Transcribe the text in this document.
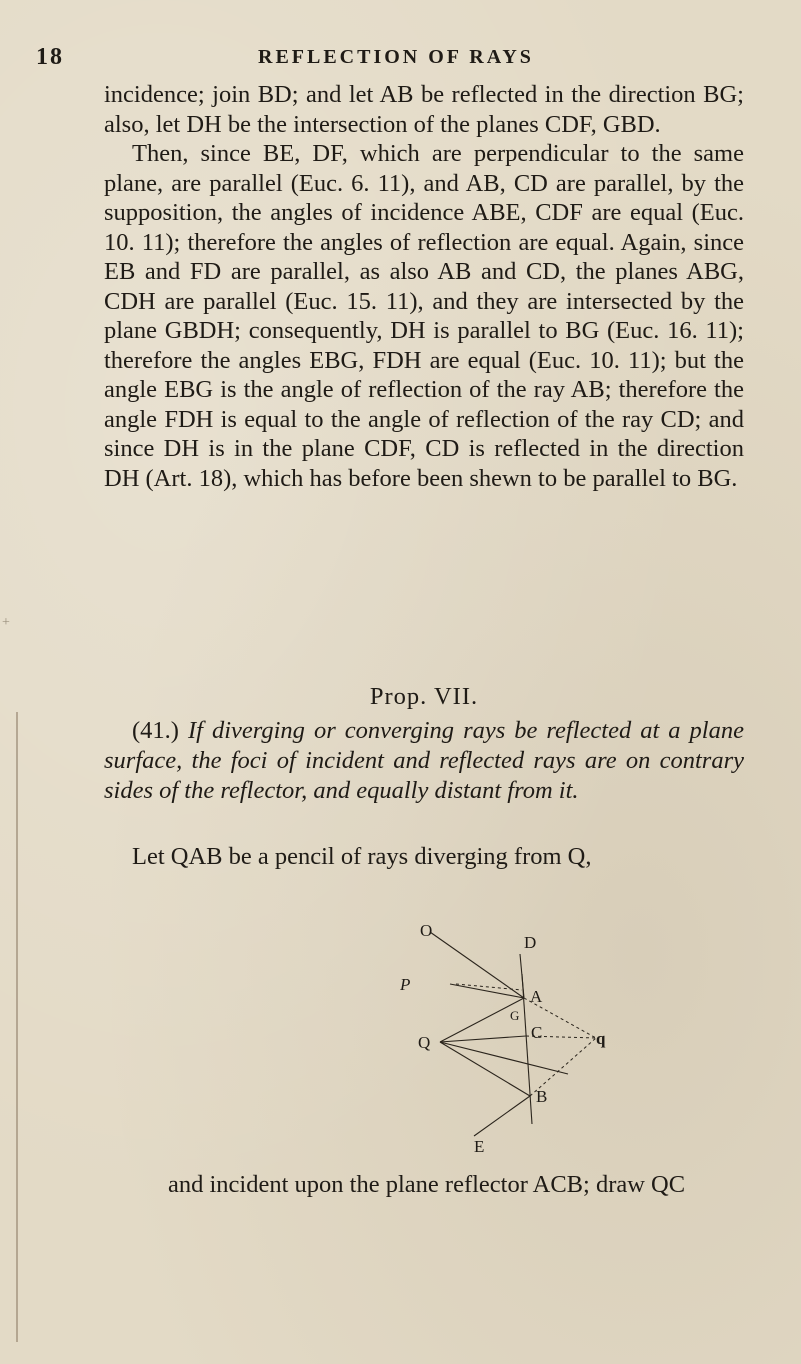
18	REFLECTION OF RAYS

incidence; join BD; and let AB be reflected in the direction BG; also, let DH be the intersection of the planes CDF, GBD.

Then, since BE, DF, which are perpendicular to the same plane, are parallel (Euc. 6. 11), and AB, CD are parallel, by the supposition, the angles of incidence ABE, CDF are equal (Euc. 10. 11); therefore the angles of reflection are equal. Again, since EB and FD are parallel, as also AB and CD, the planes ABG, CDH are parallel (Euc. 15. 11), and they are intersected by the plane GBDH; consequently, DH is parallel to BG (Euc. 16. 11); therefore the angles EBG, FDH are equal (Euc. 10. 11); but the angle EBG is the angle of reflection of the ray AB; therefore the angle FDH is equal to the angle of reflection of the ray CD; and since DH is in the plane CDF, CD is reflected in the direction DH (Art. 18), which has before been shewn to be parallel to BG.

Prop. VII.
(41.) If diverging or converging rays be reflected at a plane surface, the foci of incident and reflected rays are on contrary sides of the reflector, and equally distant from it.
Let QAB be a pencil of rays diverging from Q,
O
D
P
A
G
Q
C	q
B
E
and incident upon the plane reflector ACB; draw QC
+
